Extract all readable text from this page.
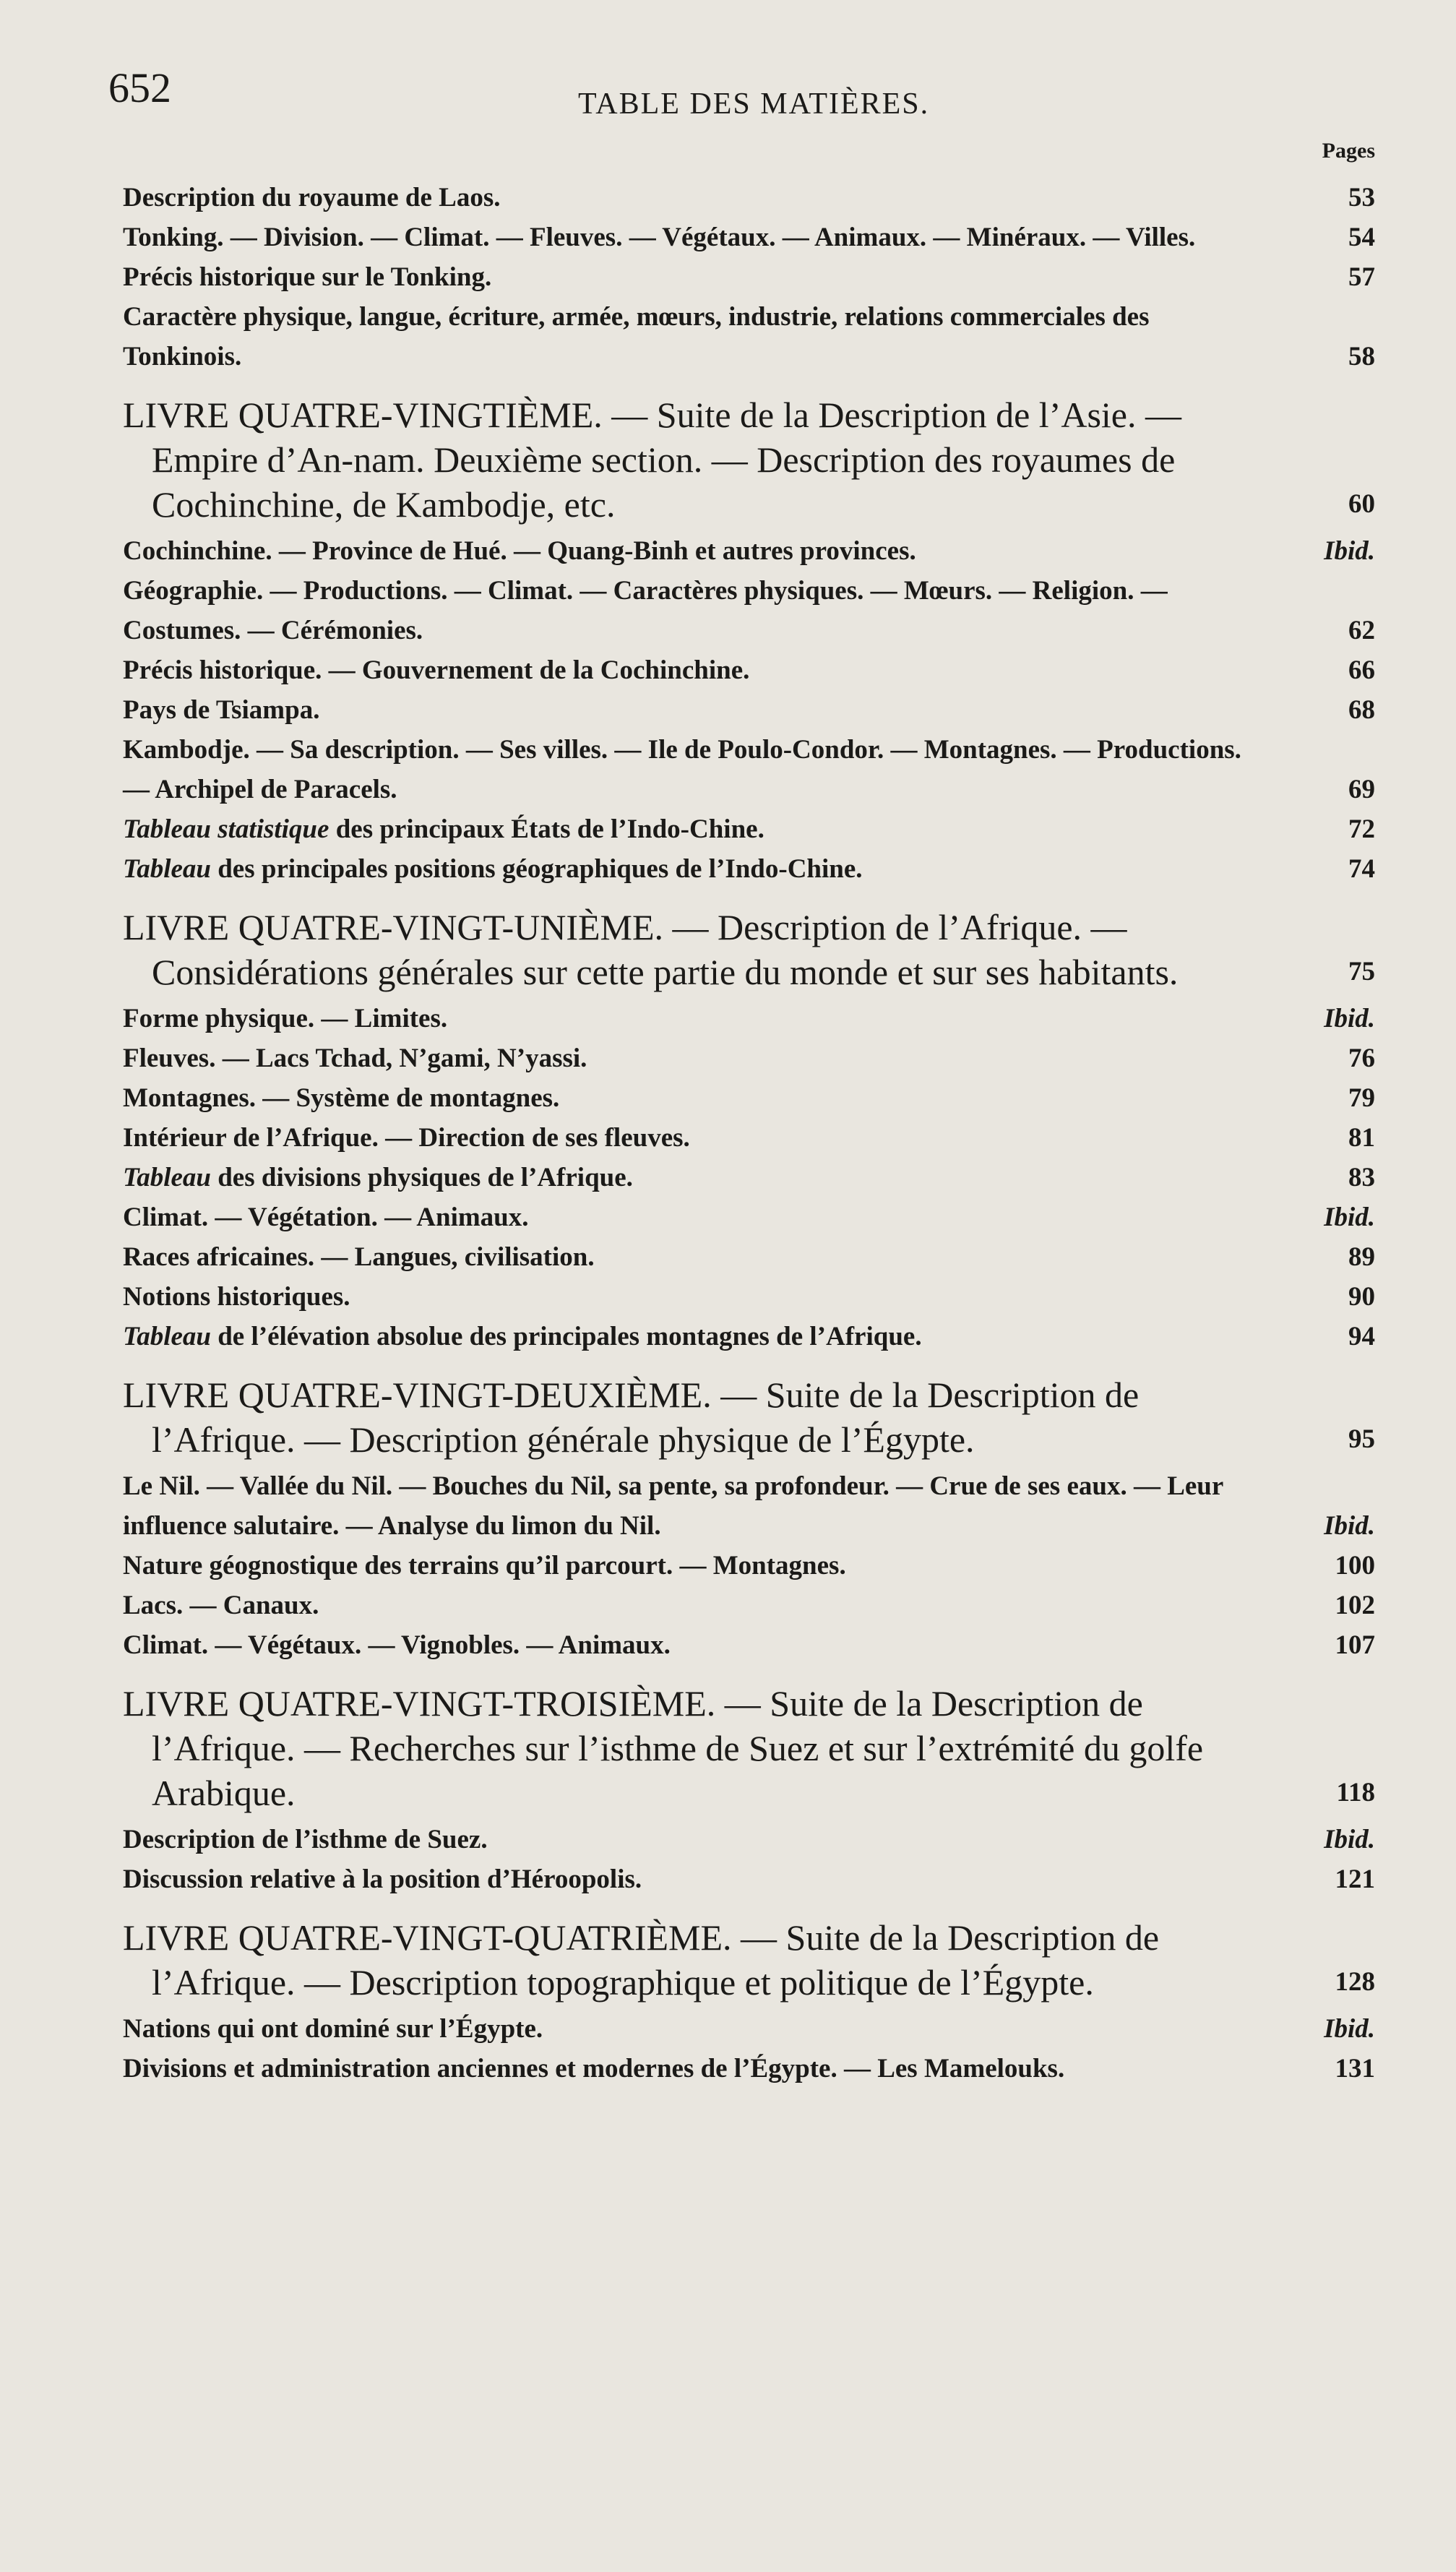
652	TABLE DES MATIÈRES.
Pages
Description du royaume de Laos.	53
Tonking. — Division. — Climat. — Fleuves. — Végétaux. — Animaux. — Minéraux. — Villes.	54
Précis historique sur le Tonking.	57
Caractère physique, langue, écriture, armée, mœurs, industrie, relations commerciales des Tonkinois.	58
LIVRE QUATRE-VINGTIÈME. — Suite de la Description de l’Asie. — Empire d’An-nam. Deuxième section. — Description des royaumes de Cochinchine, de Kambodje, etc.	60
Cochinchine. — Province de Hué. — Quang-Binh et autres provinces.	Ibid.
Géographie. — Productions. — Climat. — Caractères physiques. — Mœurs. — Religion. — Costumes. — Cérémonies.	62
Précis historique. — Gouvernement de la Cochinchine.	66
Pays de Tsiampa.	68
Kambodje. — Sa description. — Ses villes. — Ile de Poulo-Condor. — Montagnes. — Productions. — Archipel de Paracels.	69
Tableau statistique des principaux États de l’Indo-Chine.	72
Tableau des principales positions géographiques de l’Indo-Chine.	74
LIVRE QUATRE-VINGT-UNIÈME. — Description de l’Afrique. — Considérations générales sur cette partie du monde et sur ses habitants.	75
Forme physique. — Limites.	Ibid.
Fleuves. — Lacs Tchad, N’gami, N’yassi.	76
Montagnes. — Système de montagnes.	79
Intérieur de l’Afrique. — Direction de ses fleuves.	81
Tableau des divisions physiques de l’Afrique.	83
Climat. — Végétation. — Animaux.	Ibid.
Races africaines. — Langues, civilisation.	89
Notions historiques.	90
Tableau de l’élévation absolue des principales montagnes de l’Afrique.	94
LIVRE QUATRE-VINGT-DEUXIÈME. — Suite de la Description de l’Afrique. — Description générale physique de l’Égypte.	95
Le Nil. — Vallée du Nil. — Bouches du Nil, sa pente, sa profondeur. — Crue de ses eaux. — Leur influence salutaire. — Analyse du limon du Nil.	Ibid.
Nature géognostique des terrains qu’il parcourt. — Montagnes.	100
Lacs. — Canaux.	102
Climat. — Végétaux. — Vignobles. — Animaux.	107
LIVRE QUATRE-VINGT-TROISIÈME. — Suite de la Description de l’Afrique. — Recherches sur l’isthme de Suez et sur l’extrémité du golfe Arabique.	118
Description de l’isthme de Suez.	Ibid.
Discussion relative à la position d’Héroopolis.	121
LIVRE QUATRE-VINGT-QUATRIÈME. — Suite de la Description de l’Afrique. — Description topographique et politique de l’Égypte.	128
Nations qui ont dominé sur l’Égypte.	Ibid.
Divisions et administration anciennes et modernes de l’Égypte. — Les Mamelouks.	131
